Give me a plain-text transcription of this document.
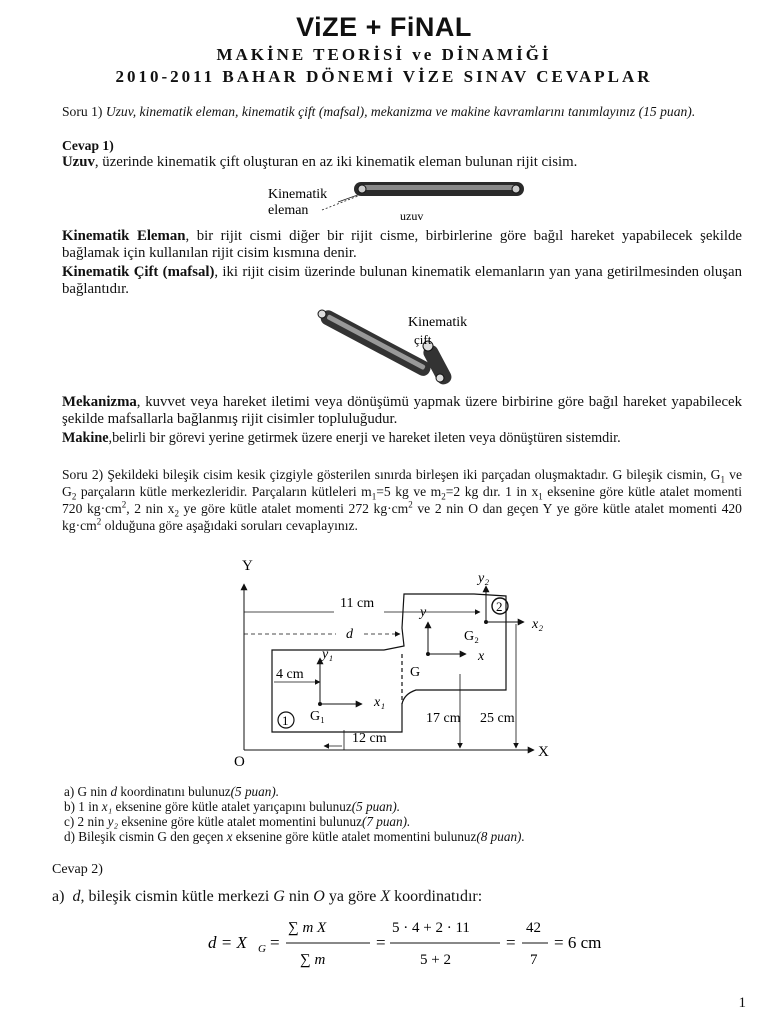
ViZE + FiNAL
MAKİNE TEORİSİ ve DİNAMİĞİ
2010-2011 BAHAR DÖNEMİ VİZE SINAV CEVAPLAR
Soru 1) Uzuv, kinematik eleman, kinematik çift (mafsal), mekanizma ve makine kavramlarını tanımlayınız (15 puan).
Cevap 1)
Uzuv, üzerinde kinematik çift oluşturan en az iki kinematik eleman bulunan rijit cisim.
Kinematik
eleman	uzuv
Kinematik Eleman, bir rijit cismi diğer bir rijit cisme, birbirlerine göre bağıl hareket yapabilecek şekilde bağlamak için kullanılan rijit cisim kısmına denir.
Kinematik Çift (mafsal), iki rijit cisim üzerinde bulunan kinematik elemanların yan yana getirilmesinden oluşan bağlantıdır.
Kinematik
çift
Mekanizma, kuvvet veya hareket iletimi veya dönüşümü yapmak üzere birbirine göre bağıl hareket yapabilecek şekilde mafsallarla bağlanmış rijit cisimler topluluğudur.
Makine,belirli bir görevi yerine getirmek üzere enerji ve hareket ileten veya dönüştüren sistemdir.
Soru 2) Şekildeki bileşik cisim kesik çizgiyle gösterilen sınırda birleşen iki parçadan oluşmaktadır. G bileşik cismin, $G_1$ ve $G_2$ parçaların kütle merkezleridir. Parçaların kütleleri $m_1=5$ kg ve $m_2=2$ kg dır. 1 in $x_1$ eksenine göre kütle atalet momenti 720 $kg\cdot cm^2$, 2 nin $x_2$ ye göre kütle atalet momenti 272 $kg\cdot cm^2$ ve 2 nin O dan geçen Y ye göre kütle atalet momenti 420 $kg\cdot cm^2$ olduğuna göre aşağıdaki soruları cevaplayınız.
Y
X
O
11 cm
d
4 cm
12 cm
17 cm 25 cm
y₁
x₁
G₁
1
y
x
G
y₂
x₂
G₂
2
a) G nin d koordinatını bulunuz(5 puan).
b) 1 in x₁ eksenine göre kütle atalet yarıçapını bulunuz(5 puan).
c) 2 nin y₂ eksenine göre kütle atalet momentini bulunuz(7 puan).
d) Bileşik cismin G den geçen x eksenine göre kütle atalet momentini bulunuz(8 puan).
Cevap 2)
a) d, bileşik cismin kütle merkezi G nin O ya göre X koordinatıdır:
d = X G =
∑ m X
∑ m
=
5 · 4 + 2 · 11
5 + 2
=
42
7
= 6 cm
1
